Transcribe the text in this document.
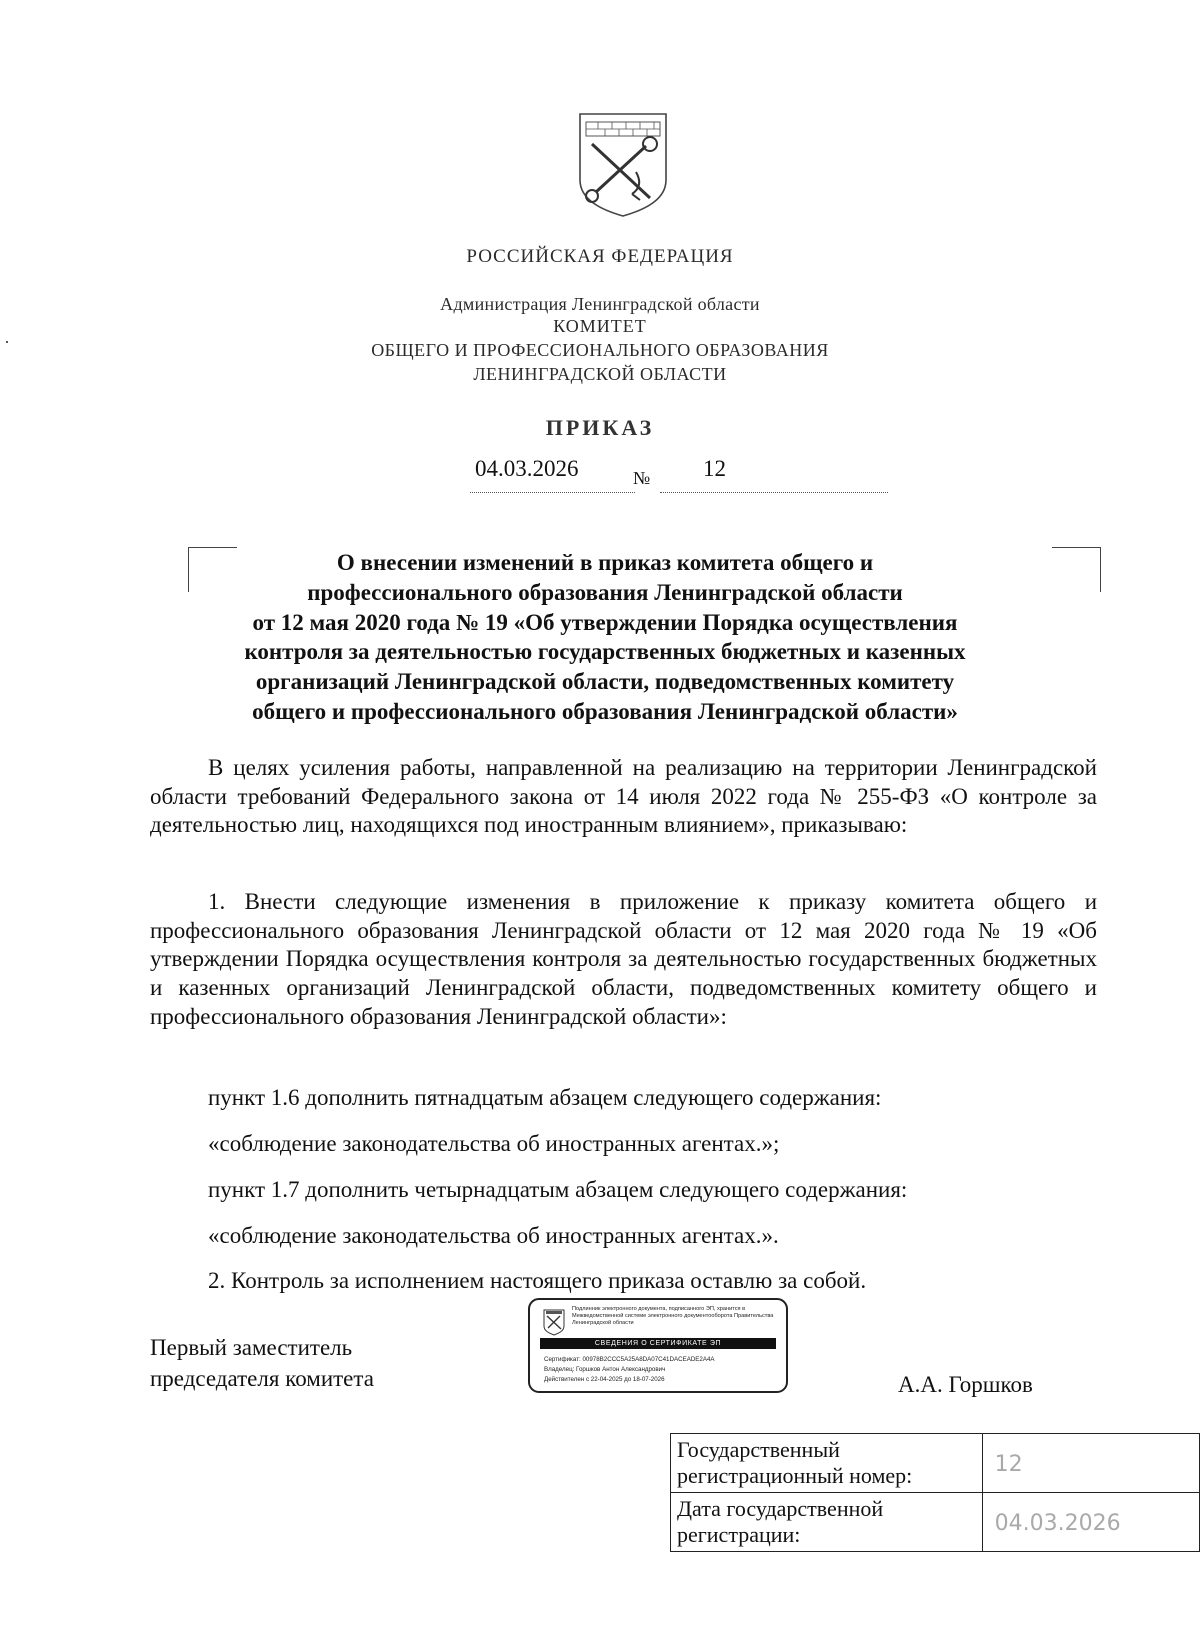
РОССИЙСКАЯ ФЕДЕРАЦИЯ
Администрация Ленинградской области
КОМИТЕТ
ОБЩЕГО И ПРОФЕССИОНАЛЬНОГО ОБРАЗОВАНИЯ
ЛЕНИНГРАДСКОЙ ОБЛАСТИ
ПРИКАЗ
04.03.2026	№ 12
О внесении изменений в приказ комитета общего и
профессионального образования Ленинградской области
от 12 мая 2020 года № 19 «Об утверждении Порядка осуществления
контроля за деятельностью государственных бюджетных и казенных
организаций Ленинградской области, подведомственных комитету
общего и профессионального образования Ленинградской области»
В целях усиления работы, направленной на реализацию на территории Ленинградской области требований Федерального закона от 14 июля 2022 года № 255-ФЗ «О контроле за деятельностью лиц, находящихся под иностранным влиянием», приказываю:
1. Внести следующие изменения в приложение к приказу комитета общего и профессионального образования Ленинградской области от 12 мая 2020 года № 19 «Об утверждении Порядка осуществления контроля за деятельностью государственных бюджетных и казенных организаций Ленинградской области, подведомственных комитету общего и профессионального образования Ленинградской области»:
пункт 1.6 дополнить пятнадцатым абзацем следующего содержания:
«соблюдение законодательства об иностранных агентах.»;
пункт 1.7 дополнить четырнадцатым абзацем следующего содержания:
«соблюдение законодательства об иностранных агентах.».
2. Контроль за исполнением настоящего приказа оставлю за собой.
Подлинник электронного документа, подписанного ЭП, хранится в Межведомственной системе электронного документооборота Правительства Ленинградской области
СВЕДЕНИЯ О СЕРТИФИКАТЕ ЭП
Сертификат: 00978B2CCC5A25A8DA07C41DACEADE2A4A
Владелец: Горшков Антон Александрович
Действителен с 22-04-2025 до 18-07-2026
Первый заместитель
председателя комитета	А.А. Горшков
Государственный регистрационный номер:	12
Дата государственной регистрации:	04.03.2026
